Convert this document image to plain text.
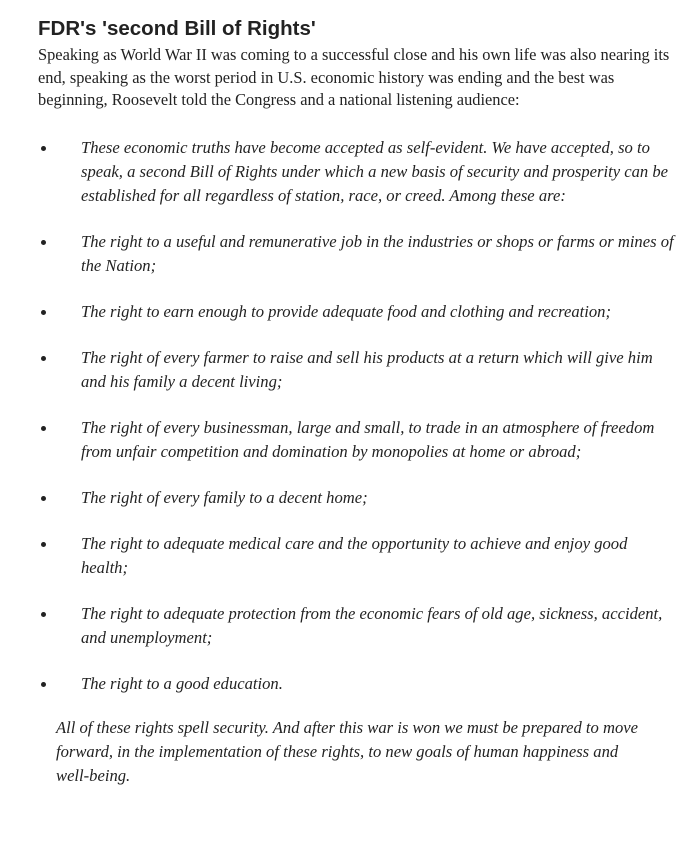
FDR's 'second Bill of Rights'

Speaking as World War II was coming to a successful close and his own life was also nearing its end, speaking as the worst period in U.S. economic history was ending and the best was beginning, Roosevelt told the Congress and a national listening audience:

These economic truths have become accepted as self-evident. We have accepted, so to speak, a second Bill of Rights under which a new basis of security and prosperity can be established for all regardless of station, race, or creed. Among these are:
The right to a useful and remunerative job in the industries or shops or farms or mines of the Nation;
The right to earn enough to provide adequate food and clothing and recreation;
The right of every farmer to raise and sell his products at a return which will give him and his family a decent living;
The right of every businessman, large and small, to trade in an atmosphere of freedom from unfair competition and domination by monopolies at home or abroad;
The right of every family to a decent home;
The right to adequate medical care and the opportunity to achieve and enjoy good health;
The right to adequate protection from the economic fears of old age, sickness, accident, and unemployment;
The right to a good education.

All of these rights spell security. And after this war is won we must be prepared to move forward, in the implementation of these rights, to new goals of human happiness and well-being.
